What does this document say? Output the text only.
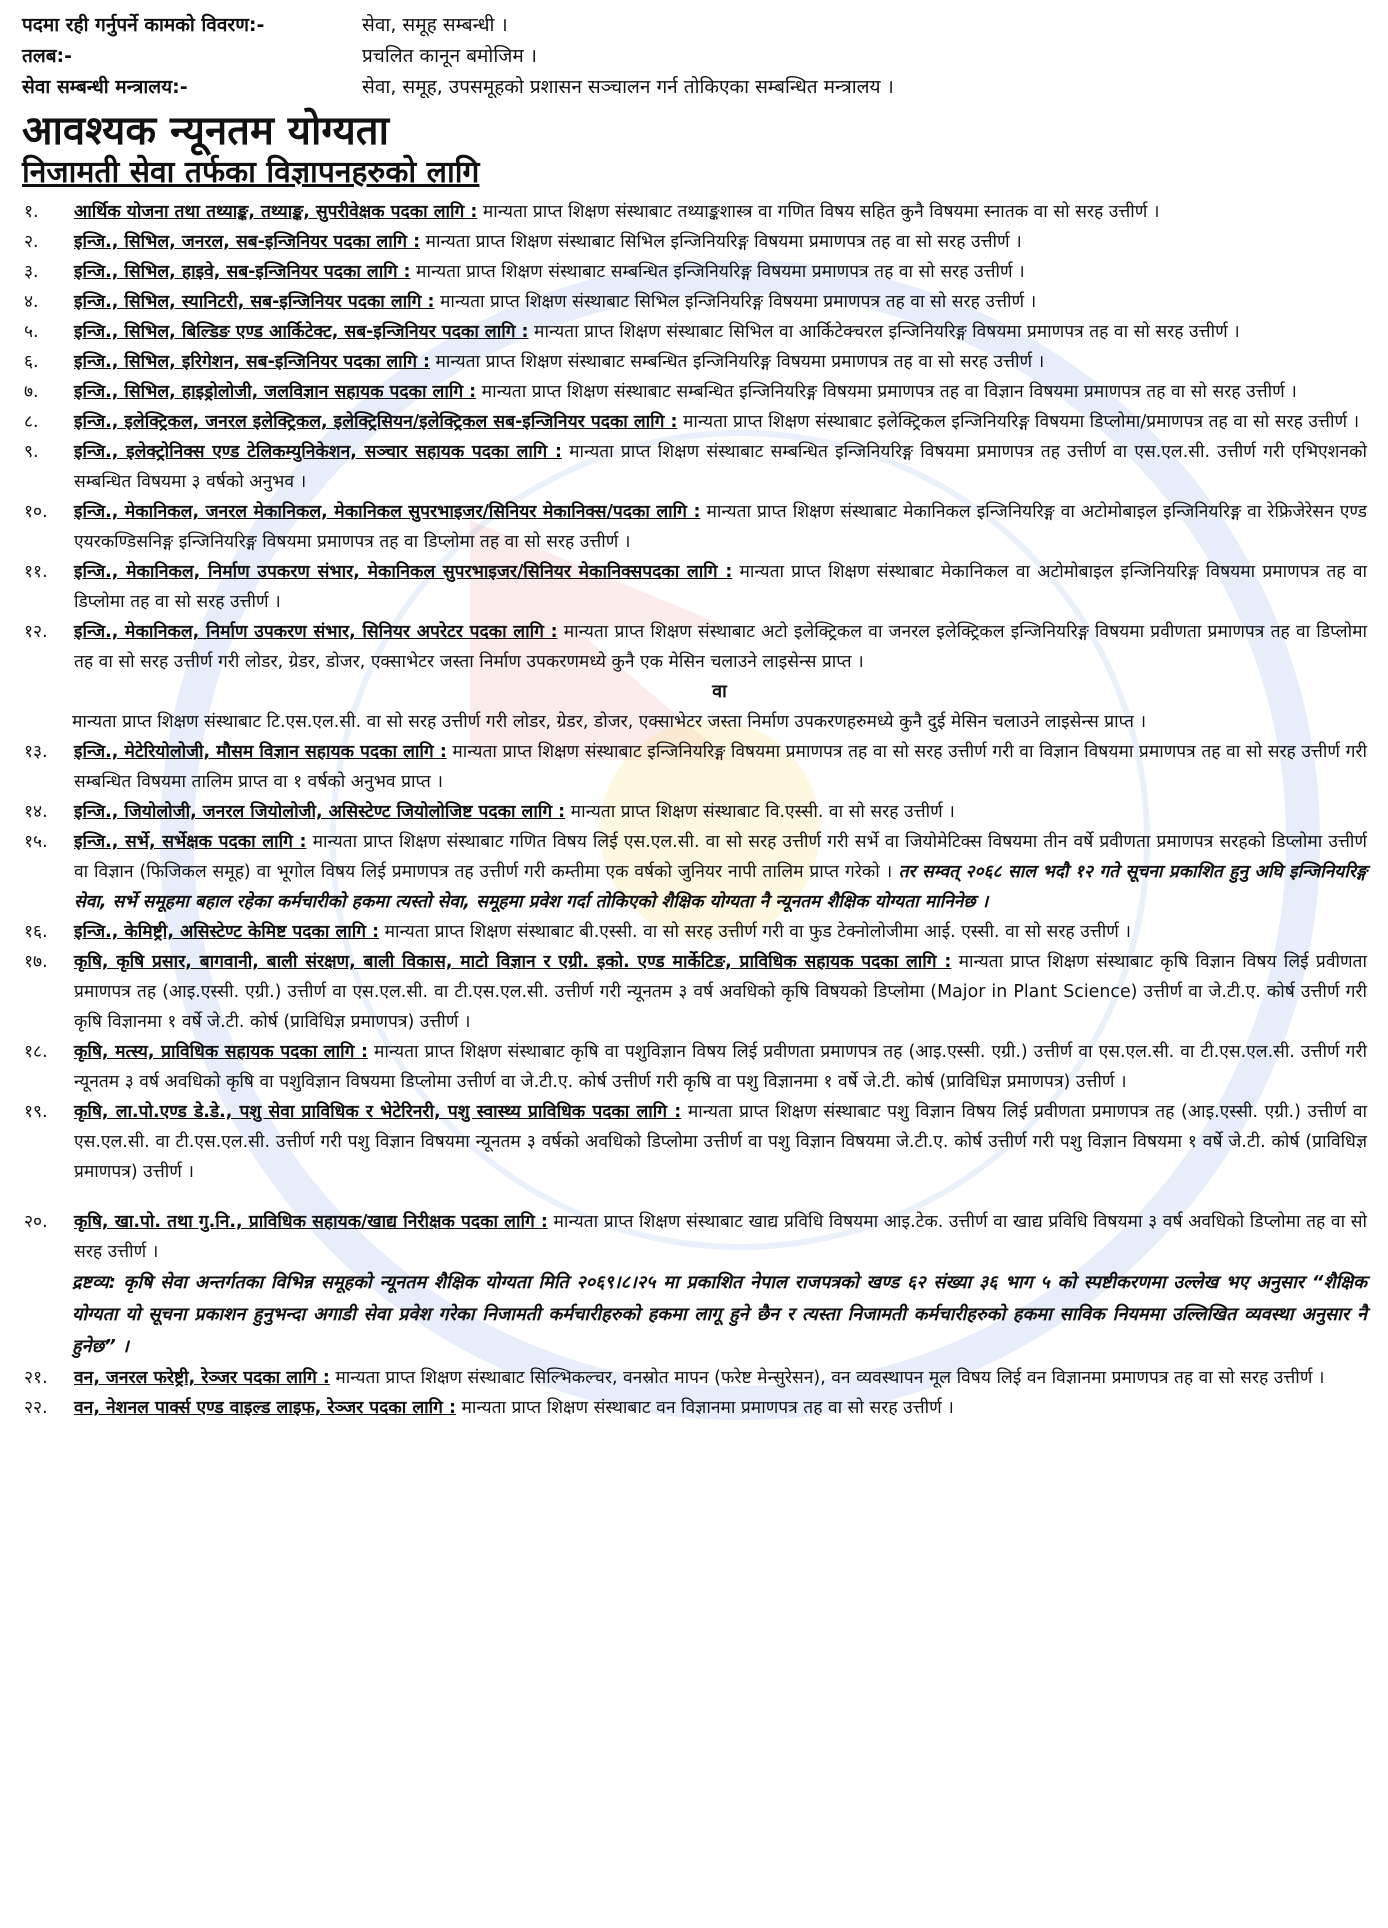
पदमा रही गर्नुपर्ने कामको विवरण:-	सेवा, समूह सम्बन्धी ।
तलब:-	प्रचलित कानून बमोजिम ।
सेवा सम्बन्धी मन्त्रालय:-	सेवा, समूह, उपसमूहको प्रशासन सञ्चालन गर्न तोकिएका सम्बन्धित मन्त्रालय ।
आवश्यक न्यूनतम योग्यता
निजामती सेवा तर्फका विज्ञापनहरुको लागि
१.	आर्थिक योजना तथा तथ्याङ्क, तथ्याङ्क, सुपरीवेक्षक पदका लागि : मान्यता प्राप्त शिक्षण संस्थाबाट तथ्याङ्कशास्त्र वा गणित विषय सहित कुनै विषयमा स्नातक वा सो सरह उत्तीर्ण ।
२.	इन्जि., सिभिल, जनरल, सब-इन्जिनियर पदका लागि : मान्यता प्राप्त शिक्षण संस्थाबाट सिभिल इन्जिनियरिङ्ग विषयमा प्रमाणपत्र तह वा सो सरह उत्तीर्ण ।
३.	इन्जि., सिभिल, हाइवे, सब-इन्जिनियर पदका लागि : मान्यता प्राप्त शिक्षण संस्थाबाट सम्बन्धित इन्जिनियरिङ्ग विषयमा प्रमाणपत्र तह वा सो सरह उत्तीर्ण ।
४.	इन्जि., सिभिल, स्यानिटरी, सब-इन्जिनियर पदका लागि : मान्यता प्राप्त शिक्षण संस्थाबाट सिभिल इन्जिनियरिङ्ग विषयमा प्रमाणपत्र तह वा सो सरह उत्तीर्ण ।
५.	इन्जि., सिभिल, बिल्डिङ एण्ड आर्किटेक्ट, सब-इन्जिनियर पदका लागि : मान्यता प्राप्त शिक्षण संस्थाबाट सिभिल वा आर्किटेक्चरल इन्जिनियरिङ्ग विषयमा प्रमाणपत्र तह वा सो सरह उत्तीर्ण ।
६.	इन्जि., सिभिल, इरिगेशन, सब-इन्जिनियर पदका लागि : मान्यता प्राप्त शिक्षण संस्थाबाट सम्बन्धित इन्जिनियरिङ्ग विषयमा प्रमाणपत्र तह वा सो सरह उत्तीर्ण ।
७.	इन्जि., सिभिल, हाइड्रोलोजी, जलविज्ञान सहायक पदका लागि : मान्यता प्राप्त शिक्षण संस्थाबाट सम्बन्धित इन्जिनियरिङ्ग विषयमा प्रमाणपत्र तह वा विज्ञान विषयमा प्रमाणपत्र तह वा सो सरह उत्तीर्ण ।
८.	इन्जि., इलेक्ट्रिकल, जनरल इलेक्ट्रिकल, इलेक्ट्रिसियन/इलेक्ट्रिकल सब-इन्जिनियर पदका लागि : मान्यता प्राप्त शिक्षण संस्थाबाट इलेक्ट्रिकल इन्जिनियरिङ्ग विषयमा डिप्लोमा/प्रमाणपत्र तह वा सो सरह उत्तीर्ण ।
९.	इन्जि., इलेक्ट्रोनिक्स एण्ड टेलिकम्युनिकेशन, सञ्चार सहायक पदका लागि : मान्यता प्राप्त शिक्षण संस्थाबाट सम्बन्धित इन्जिनियरिङ्ग विषयमा प्रमाणपत्र तह उत्तीर्ण वा एस.एल.सी. उत्तीर्ण गरी एभिएशनको सम्बन्धित विषयमा ३ वर्षको अनुभव ।
१०.	इन्जि., मेकानिकल, जनरल मेकानिकल, मेकानिकल सुपरभाइजर/सिनियर मेकानिक्स/पदका लागि : मान्यता प्राप्त शिक्षण संस्थाबाट मेकानिकल इन्जिनियरिङ्ग वा अटोमोबाइल इन्जिनियरिङ्ग वा रेफ्रिजेरेसन एण्ड एयरकण्डिसनिङ्ग इन्जिनियरिङ्ग विषयमा प्रमाणपत्र तह वा डिप्लोमा तह वा सो सरह उत्तीर्ण ।
११.	इन्जि., मेकानिकल, निर्माण उपकरण संभार, मेकानिकल सुपरभाइजर/सिनियर मेकानिक्सपदका लागि : मान्यता प्राप्त शिक्षण संस्थाबाट मेकानिकल वा अटोमोबाइल इन्जिनियरिङ्ग विषयमा प्रमाणपत्र तह वा डिप्लोमा तह वा सो सरह उत्तीर्ण ।
१२.	इन्जि., मेकानिकल, निर्माण उपकरण संभार, सिनियर अपरेटर पदका लागि : मान्यता प्राप्त शिक्षण संस्थाबाट अटो इलेक्ट्रिकल वा जनरल इलेक्ट्रिकल इन्जिनियरिङ्ग विषयमा प्रवीणता प्रमाणपत्र तह वा डिप्लोमा तह वा सो सरह उत्तीर्ण गरी लोडर, ग्रेडर, डोजर, एक्साभेटर जस्ता निर्माण उपकरणमध्ये कुनै एक मेसिन चलाउने लाइसेन्स प्राप्त ।
वा
मान्यता प्राप्त शिक्षण संस्थाबाट टि.एस.एल.सी. वा सो सरह उत्तीर्ण गरी लोडर, ग्रेडर, डोजर, एक्साभेटर जस्ता निर्माण उपकरणहरुमध्ये कुनै दुई मेसिन चलाउने लाइसेन्स प्राप्त ।
१३.	इन्जि., मेटेरियोलोजी, मौसम विज्ञान सहायक पदका लागि : मान्यता प्राप्त शिक्षण संस्थाबाट इन्जिनियरिङ्ग विषयमा प्रमाणपत्र तह वा सो सरह उत्तीर्ण गरी वा विज्ञान विषयमा प्रमाणपत्र तह वा सो सरह उत्तीर्ण गरी सम्बन्धित विषयमा तालिम प्राप्त वा १ वर्षको अनुभव प्राप्त ।
१४.	इन्जि., जियोलोजी, जनरल जियोलोजी, असिस्टेण्ट जियोलोजिष्ट पदका लागि : मान्यता प्राप्त शिक्षण संस्थाबाट वि.एस्सी. वा सो सरह उत्तीर्ण ।
१५.	इन्जि., सर्भे, सर्भेक्षक पदका लागि : मान्यता प्राप्त शिक्षण संस्थाबाट गणित विषय लिई एस.एल.सी. वा सो सरह उत्तीर्ण गरी सर्भे वा जियोमेटिक्स विषयमा तीन वर्षे प्रवीणता प्रमाणपत्र सरहको डिप्लोमा उत्तीर्ण वा विज्ञान (फिजिकल समूह) वा भूगोल विषय लिई प्रमाणपत्र तह उत्तीर्ण गरी कम्तीमा एक वर्षको जुनियर नापी तालिम प्राप्त गरेको । तर सम्वत् २०६८ साल भदौ १२ गते सूचना प्रकाशित हुनु अघि इन्जिनियरिङ्ग सेवा, सर्भे समूहमा बहाल रहेका कर्मचारीको हकमा त्यस्तो सेवा, समूहमा प्रवेश गर्दा तोकिएको शैक्षिक योग्यता नै न्यूनतम शैक्षिक योग्यता मानिनेछ ।
१६.	इन्जि., केमिष्ट्री, असिस्टेण्ट केमिष्ट पदका लागि : मान्यता प्राप्त शिक्षण संस्थाबाट बी.एस्सी. वा सो सरह उत्तीर्ण गरी वा फुड टेक्नोलोजीमा आई. एस्सी. वा सो सरह उत्तीर्ण ।
१७.	कृषि, कृषि प्रसार, बागवानी, बाली संरक्षण, बाली विकास, माटो विज्ञान र एग्री. इको. एण्ड मार्केटिङ, प्राविधिक सहायक पदका लागि : मान्यता प्राप्त शिक्षण संस्थाबाट कृषि विज्ञान विषय लिई प्रवीणता प्रमाणपत्र तह (आइ.एस्सी. एग्री.) उत्तीर्ण वा एस.एल.सी. वा टी.एस.एल.सी. उत्तीर्ण गरी न्यूनतम ३ वर्ष अवधिको कृषि विषयको डिप्लोमा (Major in Plant Science) उत्तीर्ण वा जे.टी.ए. कोर्ष उत्तीर्ण गरी कृषि विज्ञानमा १ वर्षे जे.टी. कोर्ष (प्राविधिज्ञ प्रमाणपत्र) उत्तीर्ण ।
१८.	कृषि, मत्स्य, प्राविधिक सहायक पदका लागि : मान्यता प्राप्त शिक्षण संस्थाबाट कृषि वा पशुविज्ञान विषय लिई प्रवीणता प्रमाणपत्र तह (आइ.एस्सी. एग्री.) उत्तीर्ण वा एस.एल.सी. वा टी.एस.एल.सी. उत्तीर्ण गरी न्यूनतम ३ वर्ष अवधिको कृषि वा पशुविज्ञान विषयमा डिप्लोमा उत्तीर्ण वा जे.टी.ए. कोर्ष उत्तीर्ण गरी कृषि वा पशु विज्ञानमा १ वर्षे जे.टी. कोर्ष (प्राविधिज्ञ प्रमाणपत्र) उत्तीर्ण ।
१९.	कृषि, ला.पो.एण्ड डे.डे., पशु सेवा प्राविधिक र भेटेरिनरी, पशु स्वास्थ्य प्राविधिक पदका लागि : मान्यता प्राप्त शिक्षण संस्थाबाट पशु विज्ञान विषय लिई प्रवीणता प्रमाणपत्र तह (आइ.एस्सी. एग्री.) उत्तीर्ण वा एस.एल.सी. वा टी.एस.एल.सी. उत्तीर्ण गरी पशु विज्ञान विषयमा न्यूनतम ३ वर्षको अवधिको डिप्लोमा उत्तीर्ण वा पशु विज्ञान विषयमा जे.टी.ए. कोर्ष उत्तीर्ण गरी पशु विज्ञान विषयमा १ वर्षे जे.टी. कोर्ष (प्राविधिज्ञ प्रमाणपत्र) उत्तीर्ण ।
२०.	कृषि, खा.पो. तथा गु.नि., प्राविधिक सहायक/खाद्य निरीक्षक पदका लागि : मान्यता प्राप्त शिक्षण संस्थाबाट खाद्य प्रविधि विषयमा आइ.टेक. उत्तीर्ण वा खाद्य प्रविधि विषयमा ३ वर्ष अवधिको डिप्लोमा तह वा सो सरह उत्तीर्ण ।
द्रष्टव्य: कृषि सेवा अन्तर्गतका विभिन्न समूहको न्यूनतम शैक्षिक योग्यता मिति २०६९।८।२५ मा प्रकाशित नेपाल राजपत्रको खण्ड ६२ संख्या ३६ भाग ५ को स्पष्टीकरणमा उल्लेख भए अनुसार “शैक्षिक योग्यता यो सूचना प्रकाशन हुनुभन्दा अगाडी सेवा प्रवेश गरेका निजामती कर्मचारीहरुको हकमा लागू हुने छैन र त्यस्ता निजामती कर्मचारीहरुको हकमा साविक नियममा उल्लिखित व्यवस्था अनुसार नै हुनेछ” ।
२१.	वन, जनरल फरेष्ट्री, रेञ्जर पदका लागि : मान्यता प्राप्त शिक्षण संस्थाबाट सिल्भिकल्चर, वनस्रोत मापन (फरेष्ट मेन्सुरेसन), वन व्यवस्थापन मूल विषय लिई वन विज्ञानमा प्रमाणपत्र तह वा सो सरह उत्तीर्ण ।
२२.	वन, नेशनल पार्क्स एण्ड वाइल्ड लाइफ, रेञ्जर पदका लागि : मान्यता प्राप्त शिक्षण संस्थाबाट वन विज्ञानमा प्रमाणपत्र तह वा सो सरह उत्तीर्ण ।
